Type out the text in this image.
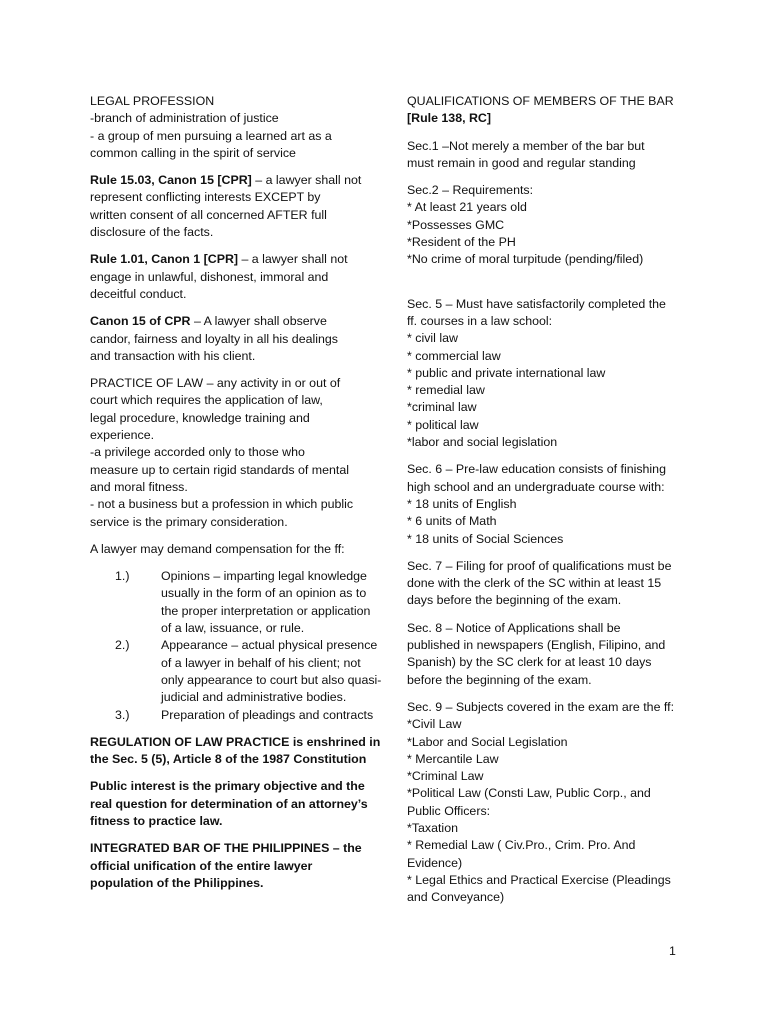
LEGAL PROFESSION
-branch of administration of justice
- a group of men pursuing a learned art as a
common calling in the spirit of service
Rule 15.03, Canon 15 [CPR] – a lawyer shall not
represent conflicting interests EXCEPT by
written consent of all concerned AFTER full
disclosure of the facts.
Rule 1.01, Canon 1 [CPR] – a lawyer shall not
engage in unlawful, dishonest, immoral and
deceitful conduct.
Canon 15 of CPR – A lawyer shall observe
candor, fairness and loyalty in all his dealings
and transaction with his client.
PRACTICE OF LAW – any activity in or out of
court which requires the application of law,
legal procedure, knowledge training and
experience.
-a privilege accorded only to those who
measure up to certain rigid standards of mental
and moral fitness.
- not a business but a profession in which public
service is the primary consideration.
A lawyer may demand compensation for the ff:
1.)	Opinions – imparting legal knowledge
usually in the form of an opinion as to
the proper interpretation or application
of a law, issuance, or rule.
2.)	Appearance – actual physical presence
of a lawyer in behalf of his client; not
only appearance to court but also quasi-
judicial and administrative bodies.
3.)	Preparation of pleadings and contracts
REGULATION OF LAW PRACTICE is enshrined in
the Sec. 5 (5), Article 8 of the 1987 Constitution
Public interest is the primary objective and the
real question for determination of an attorney’s
fitness to practice law.
INTEGRATED BAR OF THE PHILIPPINES – the
official unification of the entire lawyer
population of the Philippines.
QUALIFICATIONS OF MEMBERS OF THE BAR
[Rule 138, RC]
Sec.1 –Not merely a member of the bar but
must remain in good and regular standing
Sec.2 – Requirements:
* At least 21 years old
*Possesses GMC
*Resident of the PH
*No crime of moral turpitude (pending/filed)
Sec. 5 – Must have satisfactorily completed the
ff. courses in a law school:
* civil law
* commercial law
* public and private international law
* remedial law
*criminal law
* political law
*labor and social legislation
Sec. 6 – Pre-law education consists of finishing
high school and an undergraduate course with:
* 18 units of English
* 6 units of Math
* 18 units of Social Sciences
Sec. 7 – Filing for proof of qualifications must be
done with the clerk of the SC within at least 15
days before the beginning of the exam.
Sec. 8 – Notice of Applications shall be
published in newspapers (English, Filipino, and
Spanish) by the SC clerk for at least 10 days
before the beginning of the exam.
Sec. 9 – Subjects covered in the exam are the ff:
*Civil Law
*Labor and Social Legislation
* Mercantile Law
*Criminal Law
*Political Law (Consti Law, Public Corp., and
Public Officers:
*Taxation
* Remedial Law ( Civ.Pro., Crim. Pro. And
Evidence)
* Legal Ethics and Practical Exercise (Pleadings
and Conveyance)
1
